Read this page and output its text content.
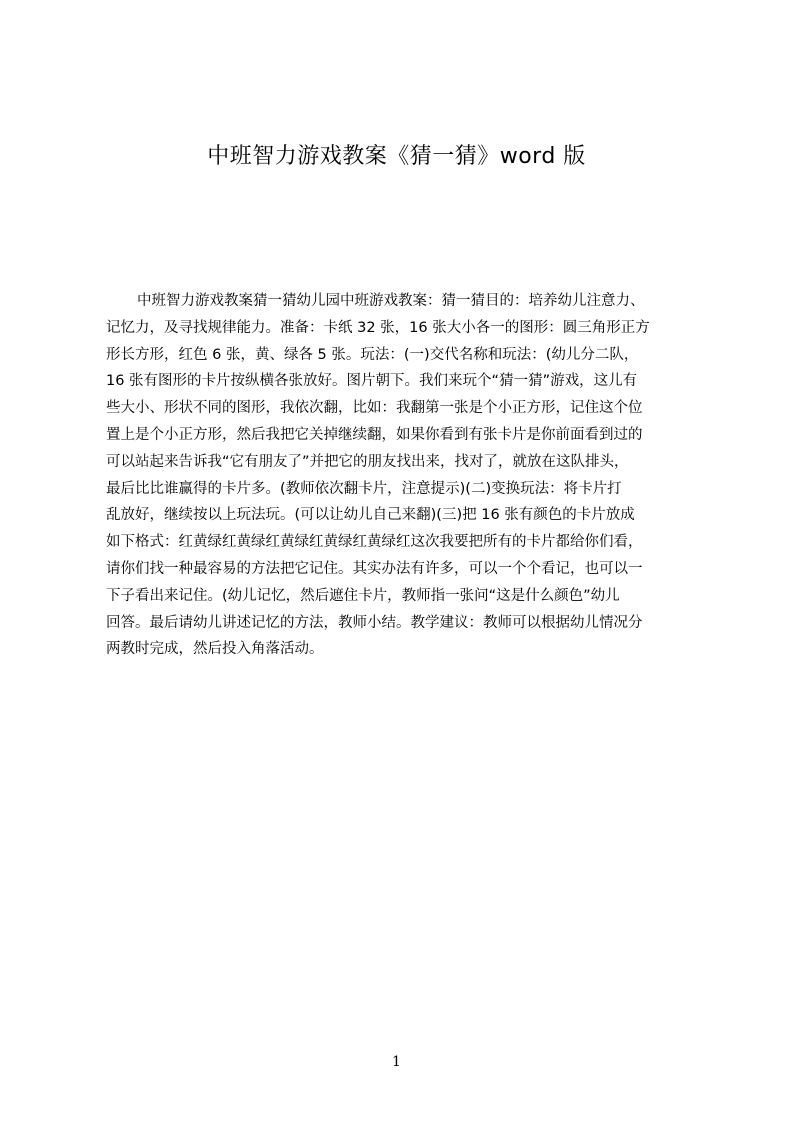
中班智力游戏教案《猜一猜》word 版
中班智力游戏教案猜一猜幼儿园中班游戏教案：猜一猜目的：培养幼儿注意力、
记忆力，及寻找规律能力。准备：卡纸 32 张，16 张大小各一的图形：圆三角形正方
形长方形，红色 6 张，黄、绿各 5 张。玩法：(一)交代名称和玩法：(幼儿分二队，
16 张有图形的卡片按纵横各张放好。图片朝下。我们来玩个“猜一猜”游戏，这儿有
些大小、形状不同的图形，我依次翻，比如：我翻第一张是个小正方形，记住这个位
置上是个小正方形，然后我把它关掉继续翻，如果你看到有张卡片是你前面看到过的
可以站起来告诉我“它有朋友了”并把它的朋友找出来，找对了，就放在这队排头，
最后比比谁赢得的卡片多。(教师依次翻卡片，注意提示)(二)变换玩法：将卡片打
乱放好，继续按以上玩法玩。(可以让幼儿自己来翻)(三)把 16 张有颜色的卡片放成
如下格式：红黄绿红黄绿红黄绿红黄绿红黄绿红这次我要把所有的卡片都给你们看，
请你们找一种最容易的方法把它记住。其实办法有许多，可以一个个看记，也可以一
下子看出来记住。(幼儿记忆，然后遮住卡片，教师指一张问“这是什么颜色”幼儿
回答。最后请幼儿讲述记忆的方法，教师小结。教学建议：教师可以根据幼儿情况分
两教时完成，然后投入角落活动。
1
